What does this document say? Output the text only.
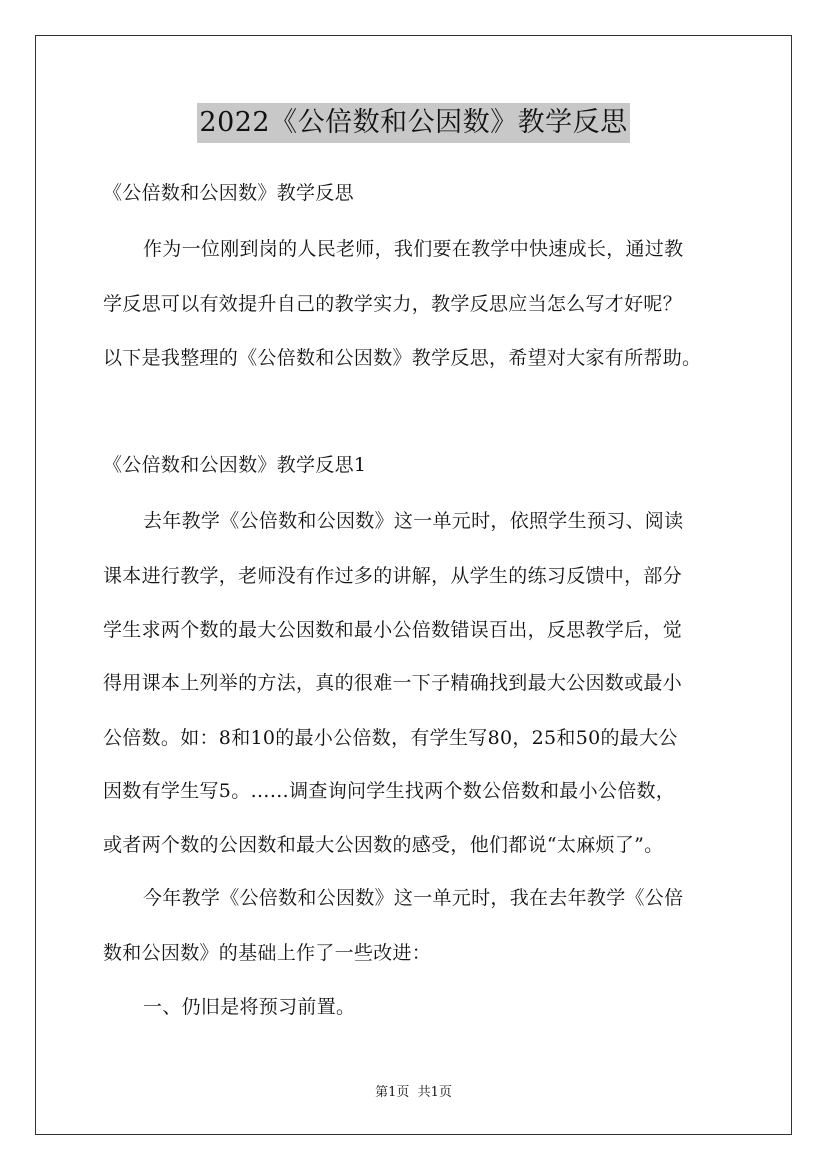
2022《公倍数和公因数》教学反思
《公倍数和公因数》教学反思
作为一位刚到岗的人民老师，我们要在教学中快速成长，通过教
学反思可以有效提升自己的教学实力，教学反思应当怎么写才好呢？
以下是我整理的《公倍数和公因数》教学反思，希望对大家有所帮助。
《公倍数和公因数》教学反思1
去年教学《公倍数和公因数》这一单元时，依照学生预习、阅读
课本进行教学，老师没有作过多的讲解，从学生的练习反馈中，部分
学生求两个数的最大公因数和最小公倍数错误百出，反思教学后，觉
得用课本上列举的方法，真的很难一下子精确找到最大公因数或最小
公倍数。如：8和10的最小公倍数，有学生写80，25和50的最大公
因数有学生写5。……调查询问学生找两个数公倍数和最小公倍数，
或者两个数的公因数和最大公因数的感受，他们都说“太麻烦了”。
今年教学《公倍数和公因数》这一单元时，我在去年教学《公倍
数和公因数》的基础上作了一些改进：
一、仍旧是将预习前置。
第1页  共1页
